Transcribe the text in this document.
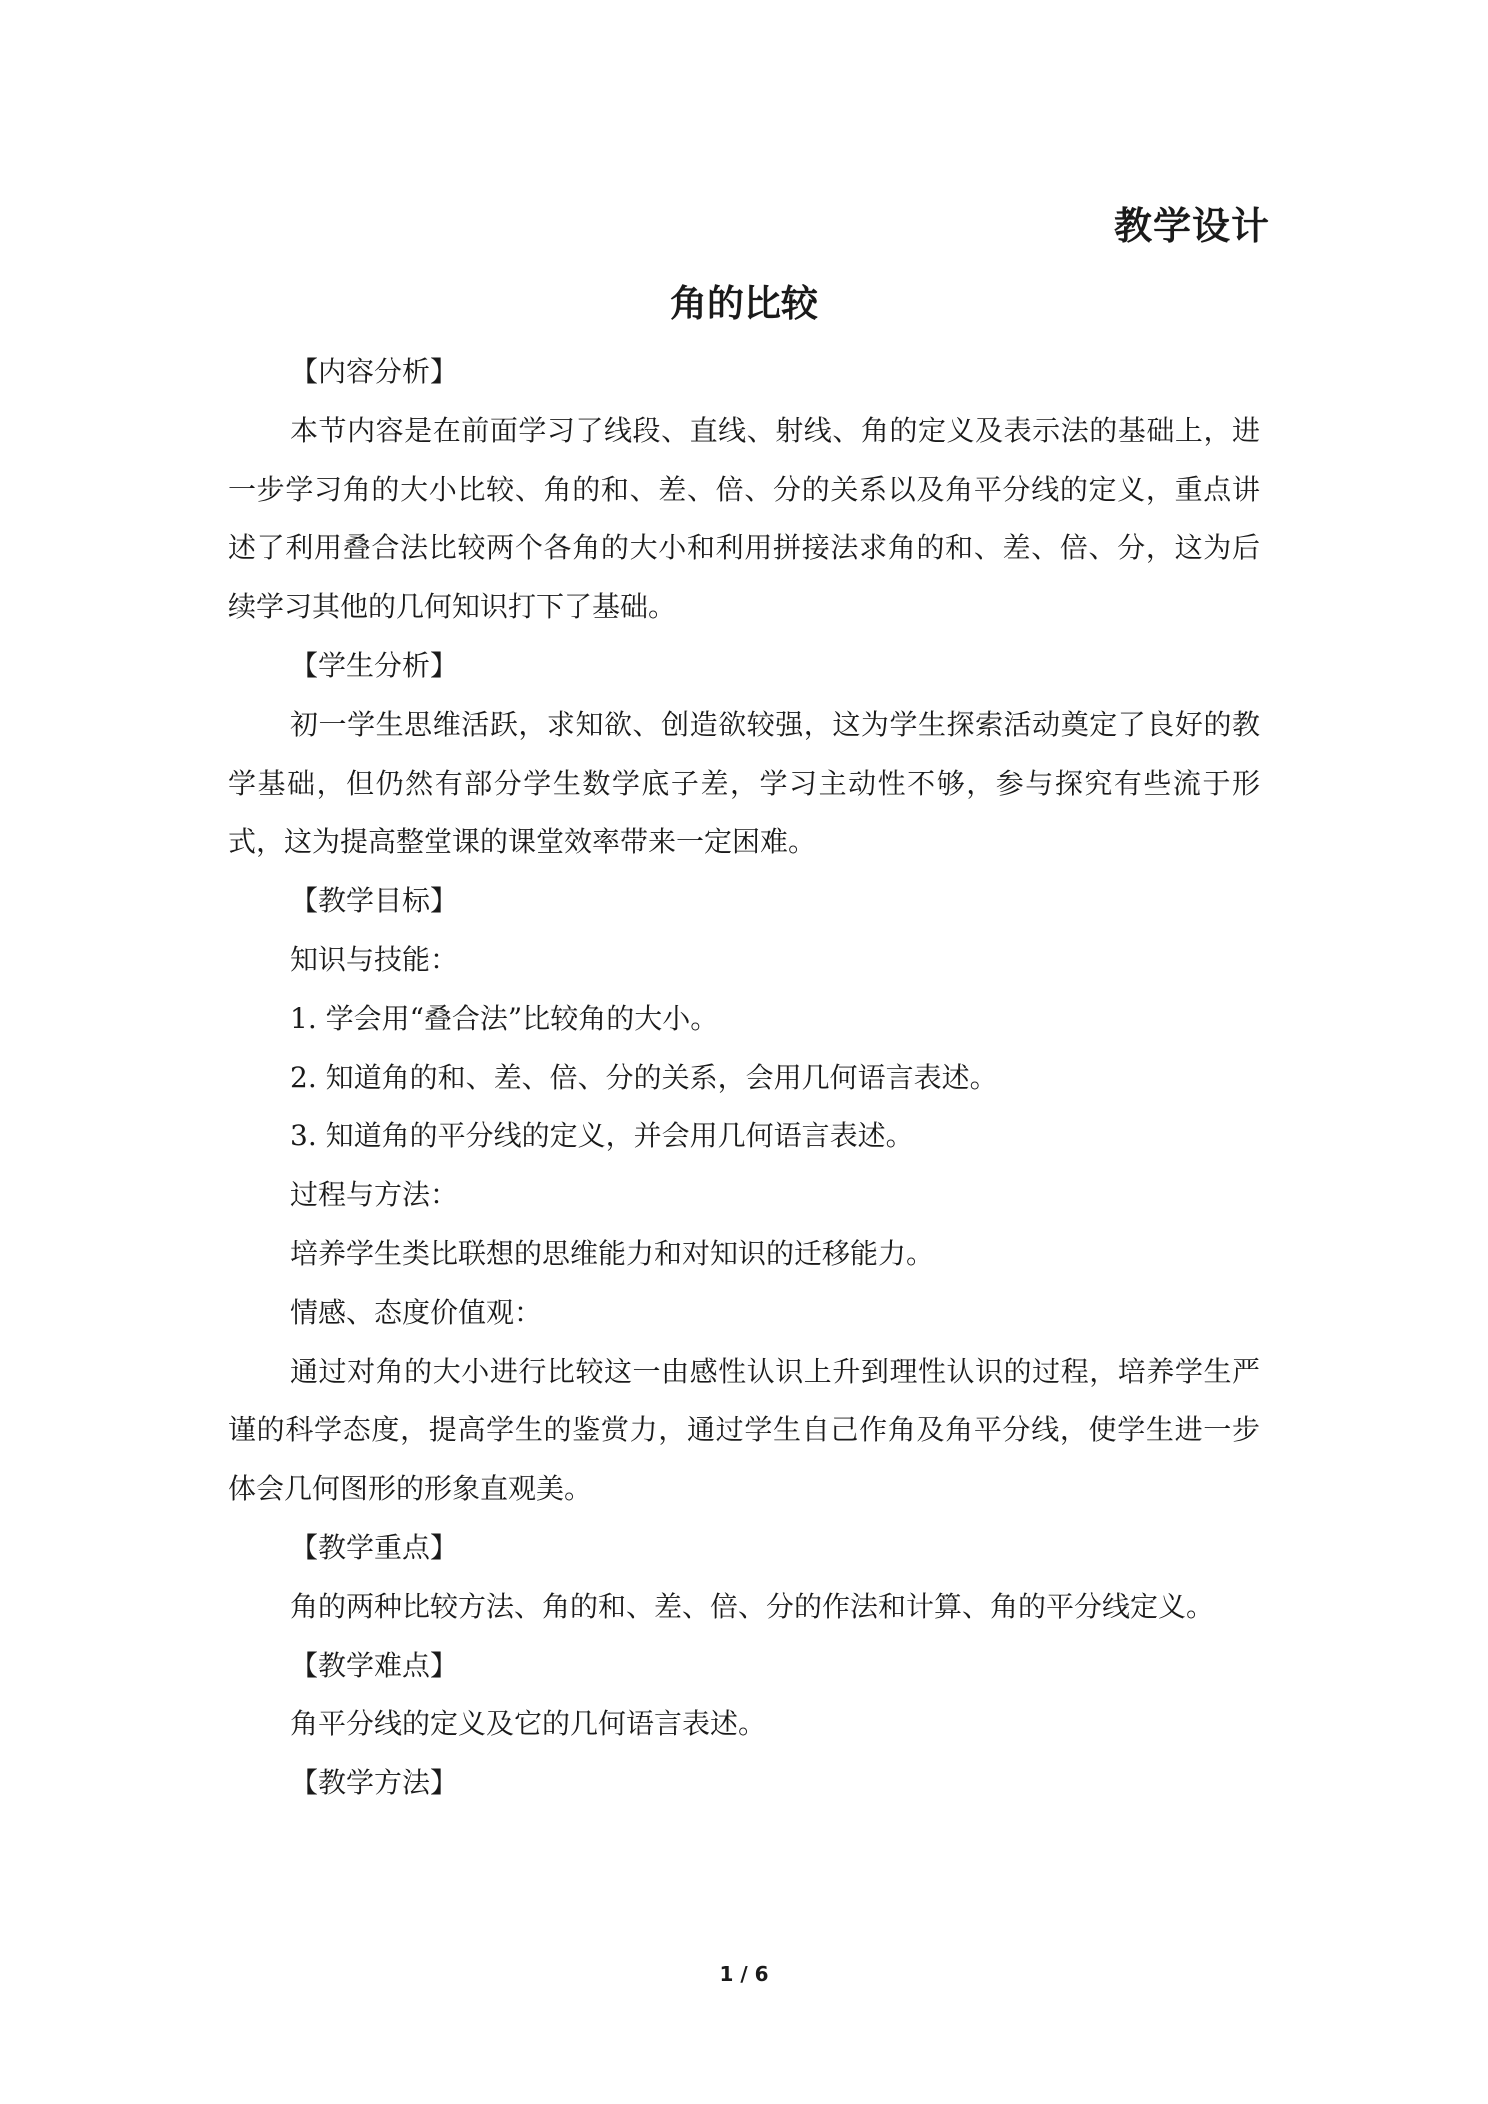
教学设计
角的比较
【内容分析】

本节内容是在前面学习了线段、直线、射线、角的定义及表示法的基础上，进一步学习角的大小比较、角的和、差、倍、分的关系以及角平分线的定义，重点讲述了利用叠合法比较两个各角的大小和利用拼接法求角的和、差、倍、分，这为后续学习其他的几何知识打下了基础。

【学生分析】

初一学生思维活跃，求知欲、创造欲较强，这为学生探索活动奠定了良好的教学基础，但仍然有部分学生数学底子差，学习主动性不够，参与探究有些流于形式，这为提高整堂课的课堂效率带来一定困难。

【教学目标】
知识与技能：
1. 学会用“叠合法”比较角的大小。
2. 知道角的和、差、倍、分的关系，会用几何语言表述。
3. 知道角的平分线的定义，并会用几何语言表述。
过程与方法：
培养学生类比联想的思维能力和对知识的迁移能力。
情感、态度价值观：

通过对角的大小进行比较这一由感性认识上升到理性认识的过程，培养学生严谨的科学态度，提高学生的鉴赏力，通过学生自己作角及角平分线，使学生进一步体会几何图形的形象直观美。

【教学重点】
角的两种比较方法、角的和、差、倍、分的作法和计算、角的平分线定义。
【教学难点】
角平分线的定义及它的几何语言表述。
【教学方法】
1 / 6
